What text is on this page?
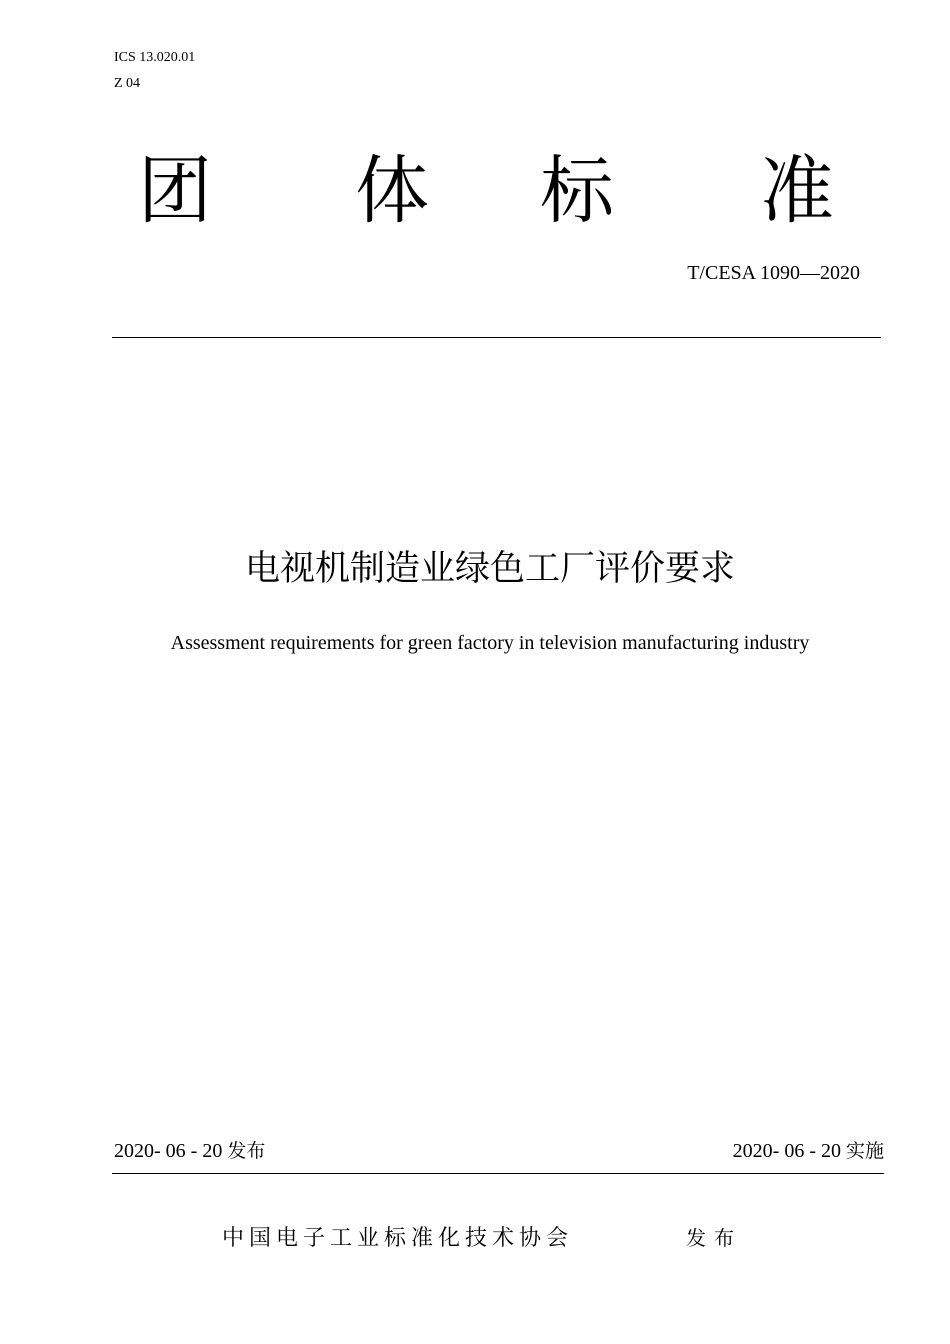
ICS 13.020.01
Z 04
团 体 标 准
T/CESA 1090—2020
电视机制造业绿色工厂评价要求
Assessment requirements for green factory in television manufacturing industry
2020- 06 - 20 发布	2020- 06 - 20 实施
中国电子工业标准化技术协会	发布
